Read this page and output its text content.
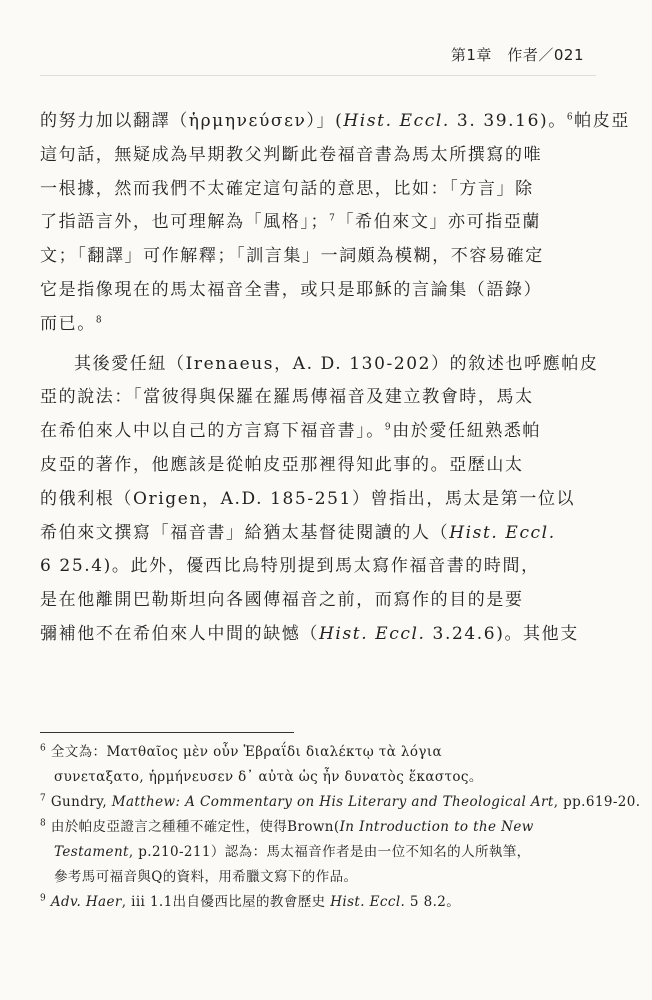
第1章　作者／021
的努力加以翻譯（ἡρμηνεύσεν）」(Hist. Eccl. 3. 39.16)。$^6$帕皮亞
這句話，無疑成為早期教父判斷此卷福音書為馬太所撰寫的唯
一根據，然而我們不太確定這句話的意思，比如：「方言」除
了指語言外，也可理解為「風格」；$^7$「希伯來文」亦可指亞蘭
文；「翻譯」可作解釋；「訓言集」一詞頗為模糊，不容易確定
它是指像現在的馬太福音全書，或只是耶穌的言論集（語錄）
而已。$^8$
其後愛任紐（Irenaeus，A. D. 130-202）的敘述也呼應帕皮
亞的說法：「當彼得與保羅在羅馬傳福音及建立教會時，馬太
在希伯來人中以自己的方言寫下福音書」。$^9$由於愛任紐熟悉帕
皮亞的著作，他應該是從帕皮亞那裡得知此事的。亞歷山太
的俄利根（Origen，A.D. 185-251）曾指出，馬太是第一位以
希伯來文撰寫「福音書」給猶太基督徒閱讀的人（Hist. Eccl.
6 25.4)。此外，優西比烏特別提到馬太寫作福音書的時間，
是在他離開巴勒斯坦向各國傳福音之前，而寫作的目的是要
彌補他不在希伯來人中間的缺憾（Hist. Eccl. 3.24.6)。其他支
$^6$ 全文為：Ματθαῖος μὲν οὖν Ἑβραΐδι διαλέκτῳ τὰ λόγια
συνεταξατο, ἡρμήνευσεν δ᾽ αὐτὰ ὡς ἦν δυνατὸς ἕκαστος。
$^7$ Gundry, Matthew: A Commentary on His Literary and Theological Art, pp.619-20.
$^8$ 由於帕皮亞證言之種種不確定性，使得Brown(In Introduction to the New
Testament, p.210-211）認為：馬太福音作者是由一位不知名的人所執筆，
參考馬可福音與Q的資料，用希臘文寫下的作品。
$^9$ Adv. Haer, iii 1.1出自優西比屋的教會歷史 Hist. Eccl. 5 8.2。
